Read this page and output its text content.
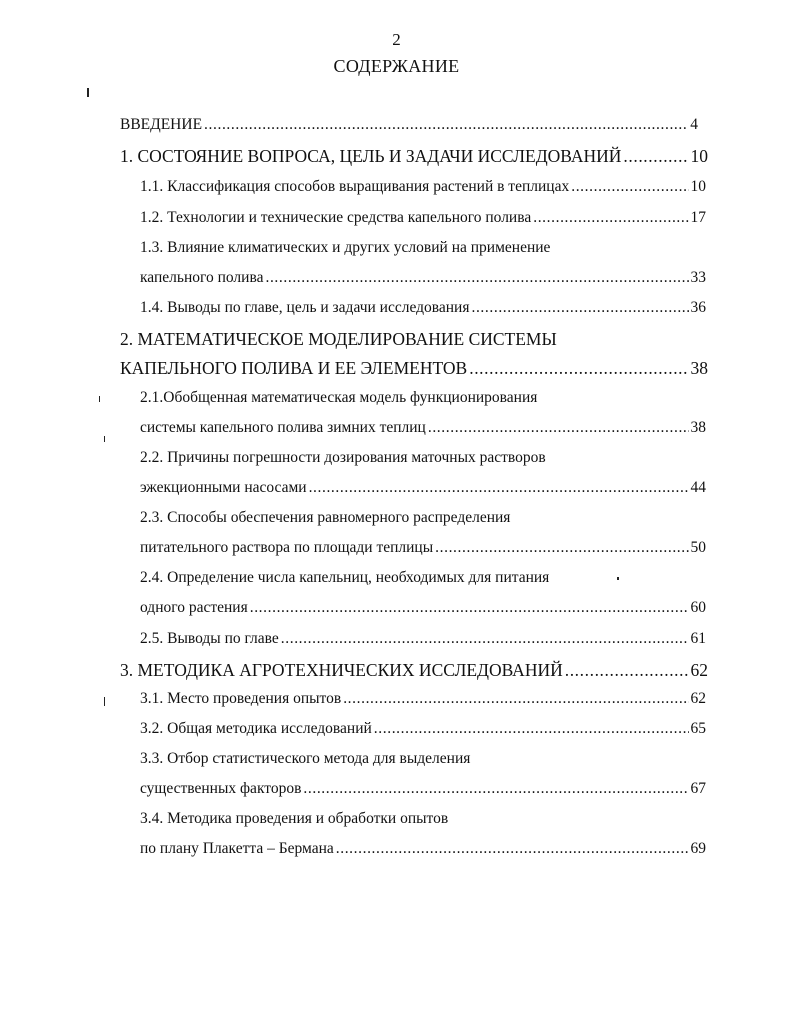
2
СОДЕРЖАНИЕ
ВВЕДЕНИЕ .....	4
1. СОСТОЯНИЕ ВОПРОСА, ЦЕЛЬ И ЗАДАЧИ ИССЛЕДОВАНИЙ .....	10
1.1. Классификация способов выращивания растений в теплицах .....	10
1.2. Технологии и технические средства капельного полива .....	17
1.3. Влияние климатических и других условий на применение
капельного полива .....	33
1.4. Выводы по главе, цель и задачи исследования .....	36
2. МАТЕМАТИЧЕСКОЕ МОДЕЛИРОВАНИЕ СИСТЕМЫ
КАПЕЛЬНОГО ПОЛИВА И ЕЕ ЭЛЕМЕНТОВ .....	38
2.1.Обобщенная математическая модель функционирования
системы капельного полива зимних теплиц .....	38
2.2. Причины погрешности дозирования маточных растворов
эжекционными насосами .....	44
2.3. Способы обеспечения равномерного распределения
питательного раствора по площади теплицы .....	50
2.4. Определение числа капельниц, необходимых для питания
одного растения .....	60
2.5. Выводы по главе .....	61
3. МЕТОДИКА АГРОТЕХНИЧЕСКИХ ИССЛЕДОВАНИЙ .....	62
3.1. Место проведения опытов .....	62
3.2. Общая методика исследований .....	65
3.3. Отбор статистического метода для выделения
существенных факторов .....	67
3.4. Методика проведения и обработки опытов
по плану Плакетта – Бермана .....	69
